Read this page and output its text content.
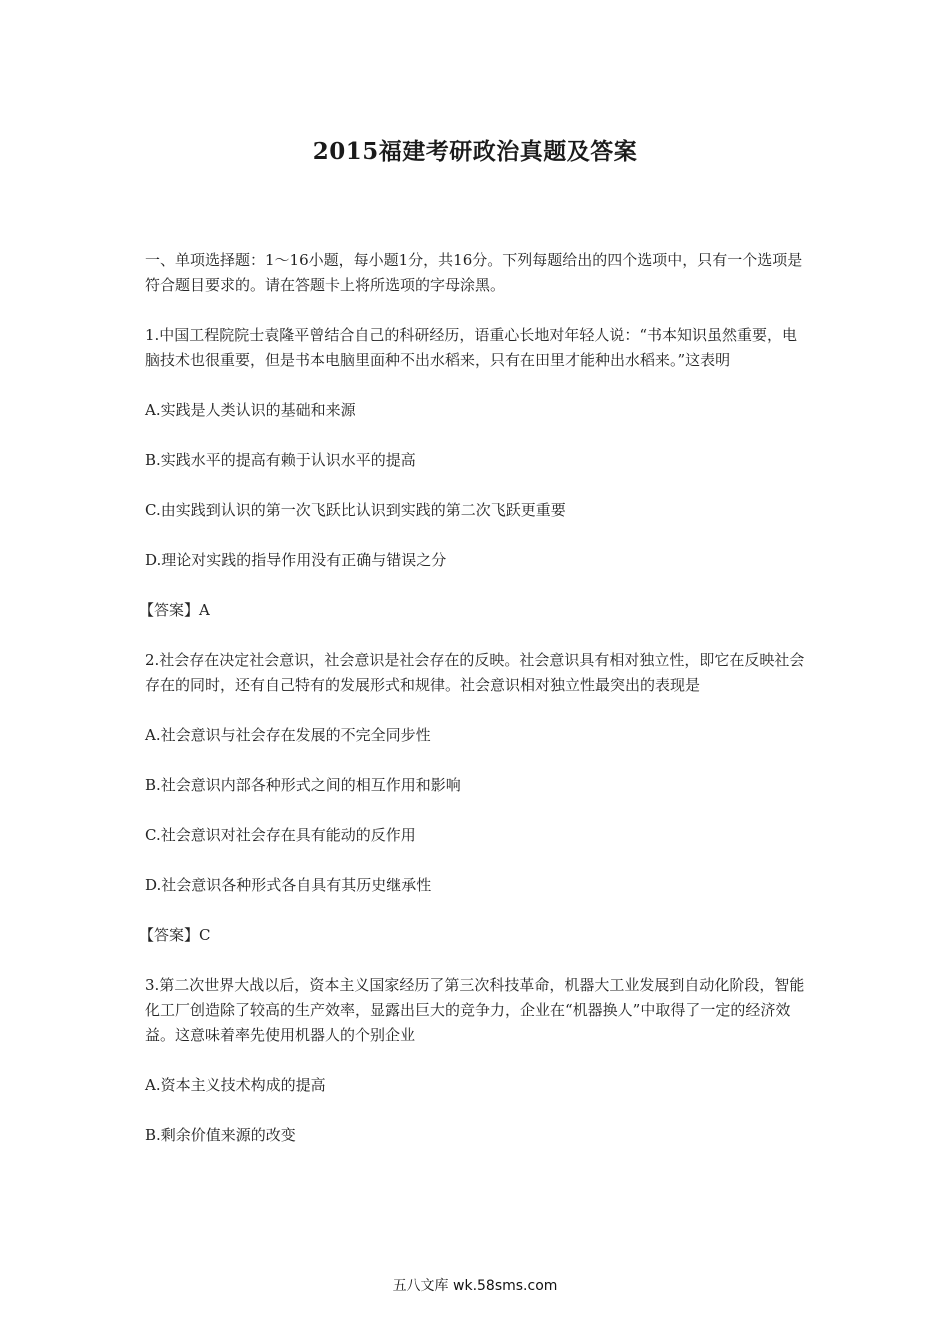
2015福建考研政治真题及答案

一、单项选择题：1～16小题，每小题1分，共16分。下列每题给出的四个选项中，只有一个选项是符合题目要求的。请在答题卡上将所选项的字母涂黑。

1.中国工程院院士袁隆平曾结合自己的科研经历，语重心长地对年轻人说：“书本知识虽然重要，电脑技术也很重要，但是书本电脑里面种不出水稻来，只有在田里才能种出水稻来。”这表明

A.实践是人类认识的基础和来源

B.实践水平的提高有赖于认识水平的提高

C.由实践到认识的第一次飞跃比认识到实践的第二次飞跃更重要

D.理论对实践的指导作用没有正确与错误之分

【答案】A

2.社会存在决定社会意识，社会意识是社会存在的反映。社会意识具有相对独立性，即它在反映社会存在的同时，还有自己特有的发展形式和规律。社会意识相对独立性最突出的表现是

A.社会意识与社会存在发展的不完全同步性

B.社会意识内部各种形式之间的相互作用和影响

C.社会意识对社会存在具有能动的反作用

D.社会意识各种形式各自具有其历史继承性

【答案】C

3.第二次世界大战以后，资本主义国家经历了第三次科技革命，机器大工业发展到自动化阶段，智能化工厂创造除了较高的生产效率，显露出巨大的竞争力，企业在“机器换人”中取得了一定的经济效益。这意味着率先使用机器人的个别企业

A.资本主义技术构成的提高

B.剩余价值来源的改变

五八文库 wk.58sms.com
